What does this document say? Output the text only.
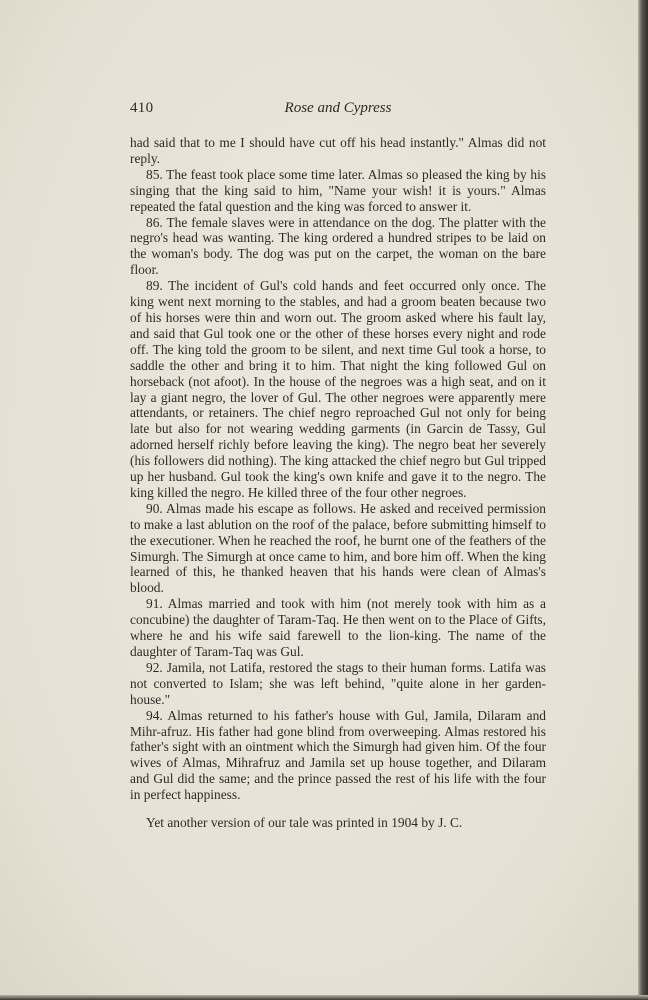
410	Rose and Cypress

had said that to me I should have cut off his head instantly." Almas did not reply.

85. The feast took place some time later. Almas so pleased the king by his singing that the king said to him, "Name your wish! it is yours." Almas repeated the fatal question and the king was forced to answer it.

86. The female slaves were in attendance on the dog. The platter with the negro's head was wanting. The king ordered a hundred stripes to be laid on the woman's body. The dog was put on the carpet, the woman on the bare floor.

89. The incident of Gul's cold hands and feet occurred only once. The king went next morning to the stables, and had a groom beaten because two of his horses were thin and worn out. The groom asked where his fault lay, and said that Gul took one or the other of these horses every night and rode off. The king told the groom to be silent, and next time Gul took a horse, to saddle the other and bring it to him. That night the king followed Gul on horseback (not afoot). In the house of the negroes was a high seat, and on it lay a giant negro, the lover of Gul. The other negroes were apparently mere attendants, or retainers. The chief negro reproached Gul not only for being late but also for not wearing wedding garments (in Garcin de Tassy, Gul adorned herself richly before leaving the king). The negro beat her severely (his followers did nothing). The king attacked the chief negro but Gul tripped up her husband. Gul took the king's own knife and gave it to the negro. The king killed the negro. He killed three of the four other negroes.

90. Almas made his escape as follows. He asked and received permission to make a last ablution on the roof of the palace, before submitting himself to the executioner. When he reached the roof, he burnt one of the feathers of the Simurgh. The Simurgh at once came to him, and bore him off. When the king learned of this, he thanked heaven that his hands were clean of Almas's blood.

91. Almas married and took with him (not merely took with him as a concubine) the daughter of Taram-Taq. He then went on to the Place of Gifts, where he and his wife said farewell to the lion-king. The name of the daughter of Taram-Taq was Gul.

92. Jamila, not Latifa, restored the stags to their human forms. Latifa was not converted to Islam; she was left behind, "quite alone in her garden-house."

94. Almas returned to his father's house with Gul, Jamila, Dilaram and Mihr-afruz. His father had gone blind from overweeping. Almas restored his father's sight with an ointment which the Simurgh had given him. Of the four wives of Almas, Mihrafruz and Jamila set up house together, and Dilaram and Gul did the same; and the prince passed the rest of his life with the four in perfect happiness.

Yet another version of our tale was printed in 1904 by J. C.
